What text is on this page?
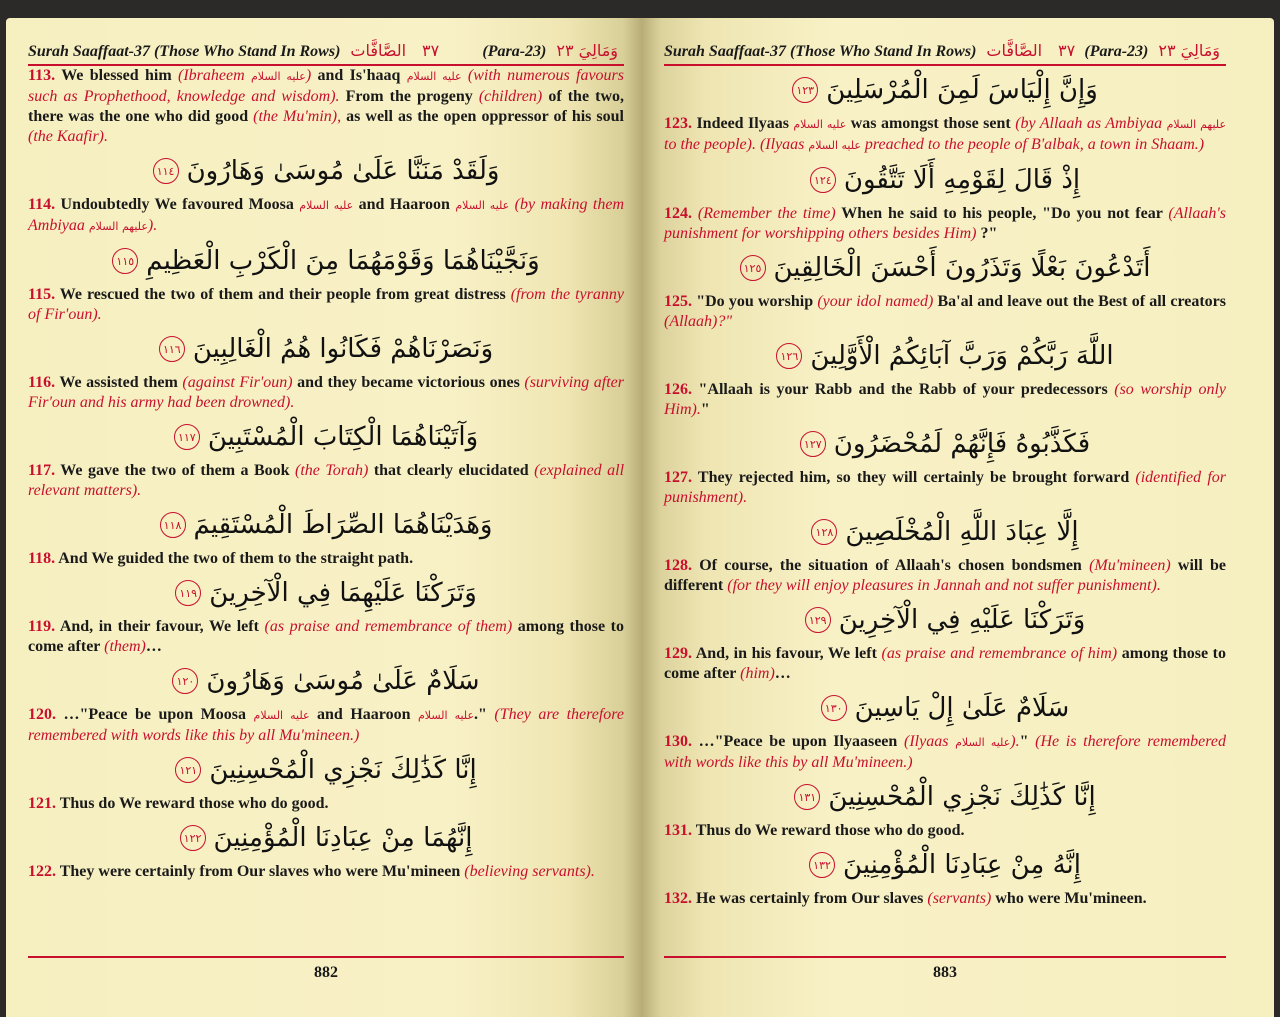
Surah Saaffaat-37 (Those Who Stand In Rows)	٣٧ الصَّافَّات	(Para-23) وَمَالِيَ ٢٣

113. We blessed him (Ibraheem عليه السلام) and Is'haaq عليه السلام (with numerous favours such as Prophethood, knowledge and wisdom). From the progeny (children) of the two, there was the one who did good (the Mu'min), as well as the open oppressor of his soul (the Kaafir).

وَلَقَدْ مَنَنَّا عَلَىٰ مُوسَىٰ وَهَارُونَ
١١٤

114. Undoubtedly We favoured Moosa عليه السلام and Haaroon عليه السلام (by making them Ambiyaa عليهم السلام).

وَنَجَّيْنَاهُمَا وَقَوْمَهُمَا مِنَ الْكَرْبِ الْعَظِيمِ
١١٥

115. We rescued the two of them and their people from great distress (from the tyranny of Fir'oun).

وَنَصَرْنَاهُمْ فَكَانُوا هُمُ الْغَالِبِينَ
١١٦

116. We assisted them (against Fir'oun) and they became victorious ones (surviving after Fir'oun and his army had been drowned).

وَآتَيْنَاهُمَا الْكِتَابَ الْمُسْتَبِينَ
١١٧

117. We gave the two of them a Book (the Torah) that clearly elucidated (explained all relevant matters).

وَهَدَيْنَاهُمَا الصِّرَاطَ الْمُسْتَقِيمَ
١١٨

118. And We guided the two of them to the straight path.

وَتَرَكْنَا عَلَيْهِمَا فِي الْآخِرِينَ
١١٩

119. And, in their favour, We left (as praise and remembrance of them) among those to come after (them)…

سَلَامٌ عَلَىٰ مُوسَىٰ وَهَارُونَ
١٢٠

120. …"Peace be upon Moosa عليه السلام and Haaroon عليه السلام." (They are therefore remembered with words like this by all Mu'mineen.)

إِنَّا كَذَٰلِكَ نَجْزِي الْمُحْسِنِينَ
١٢١

121. Thus do We reward those who do good.

إِنَّهُمَا مِنْ عِبَادِنَا الْمُؤْمِنِينَ
١٢٢

122. They were certainly from Our slaves who were Mu'mineen (believing servants).

882
Surah Saaffaat-37 (Those Who Stand In Rows)	٣٧ الصَّافَّات	(Para-23) وَمَالِيَ ٢٣
وَإِنَّ إِلْيَاسَ لَمِنَ الْمُرْسَلِينَ
١٢٣

123. Indeed Ilyaas عليه السلام was amongst those sent (by Allaah as Ambiyaa عليهم السلام to the people). (Ilyaas عليه السلام preached to the people of B'albak, a town in Shaam.)

إِذْ قَالَ لِقَوْمِهِ أَلَا تَتَّقُونَ
١٢٤

124. (Remember the time) When he said to his people, "Do you not fear (Allaah's punishment for worshipping others besides Him) ?"

أَتَدْعُونَ بَعْلًا وَتَذَرُونَ أَحْسَنَ الْخَالِقِينَ
١٢٥

125. "Do you worship (your idol named) Ba'al and leave out the Best of all creators (Allaah)?"

اللَّهَ رَبَّكُمْ وَرَبَّ آبَائِكُمُ الْأَوَّلِينَ
١٢٦

126. "Allaah is your Rabb and the Rabb of your predecessors (so worship only Him)."

فَكَذَّبُوهُ فَإِنَّهُمْ لَمُحْضَرُونَ
١٢٧

127. They rejected him, so they will certainly be brought forward (identified for punishment).

إِلَّا عِبَادَ اللَّهِ الْمُخْلَصِينَ
١٢٨

128. Of course, the situation of Allaah's chosen bondsmen (Mu'mineen) will be different (for they will enjoy pleasures in Jannah and not suffer punishment).

وَتَرَكْنَا عَلَيْهِ فِي الْآخِرِينَ
١٢٩

129. And, in his favour, We left (as praise and remembrance of him) among those to come after (him)…

سَلَامٌ عَلَىٰ إِلْ يَاسِينَ
١٣٠

130. …"Peace be upon Ilyaaseen (Ilyaas عليه السلام)." (He is therefore remembered with words like this by all Mu'mineen.)

إِنَّا كَذَٰلِكَ نَجْزِي الْمُحْسِنِينَ
١٣١

131. Thus do We reward those who do good.

إِنَّهُ مِنْ عِبَادِنَا الْمُؤْمِنِينَ
١٣٢

132. He was certainly from Our slaves (servants) who were Mu'mineen.

883
